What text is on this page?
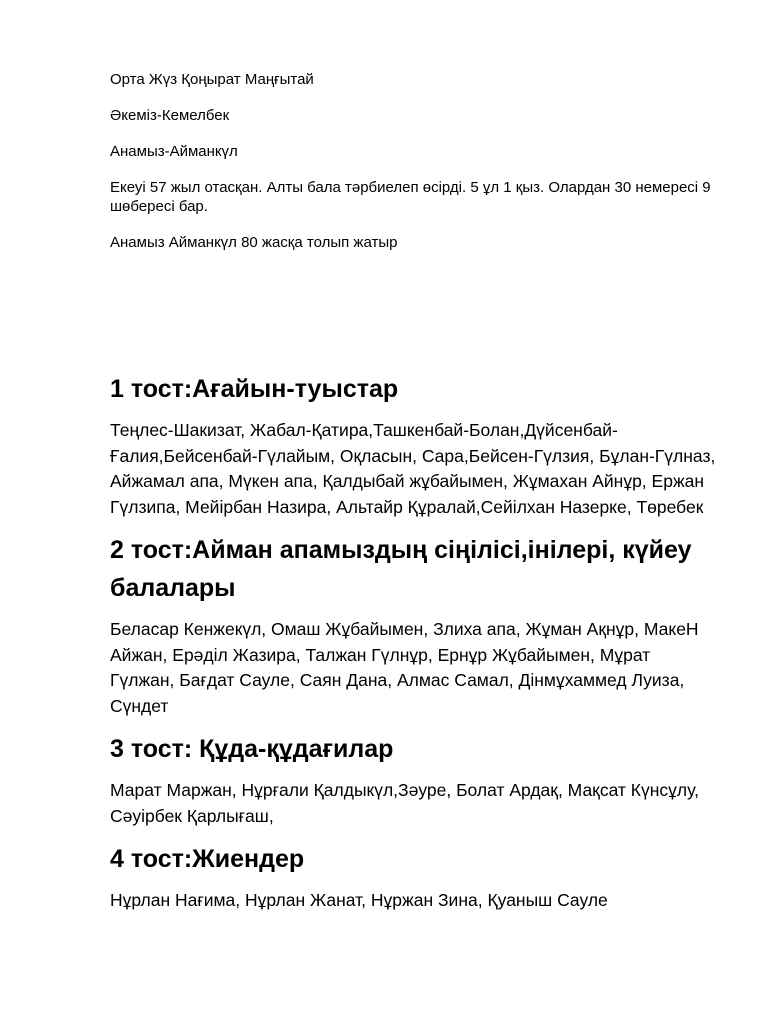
Орта Жүз Қоңырат Маңғытай

Әкеміз-Кемелбек

Анамыз-Айманкүл

Екеуі 57 жыл отасқан. Алты бала тәрбиелеп өсірді. 5 ұл 1 қыз. Олардан 30 немересі 9 шөбересі бар.

Анамыз Айманкүл 80 жасқа толып жатыр

1 тост:Ағайын-туыстар

Теңлес-Шакизат, Жабал-Қатира,Ташкенбай-Болан,Дүйсенбай-Ғалия,Бейсенбай-Гүлайым, Оқласын, Сара,Бейсен-Гүлзия, Бұлан-Гүлназ, Айжамал апа, Мүкен апа, Қалдыбай жұбайымен, Жұмахан Айнұр, Ержан Гүлзипа, Мейірбан Назира, Альтайр Құралай,Сейілхан Назерке, Төребек

2 тост:Айман апамыздың сіңілісі,інілері, күйеу балалары

Беласар Кенжекүл, Омаш Жұбайымен, Злиха апа, Жұман Ақнұр, МакеН Айжан, Ерәділ Жазира, Талжан Гүлнұр, Ернұр Жұбайымен, Мұрат Гүлжан, Бағдат Сауле, Саян Дана, Алмас Самал, Дінмұхаммед Луиза, Сүндет

3 тост: Құда-құдағилар

Марат Маржан, Нұрғали Қалдыкүл,Зәуре, Болат Ардақ, Мақсат Күнсұлу, Сәуірбек Қарлығаш,

4 тост:Жиендер

Нұрлан Нағима, Нұрлан Жанат, Нұржан Зина, Қуаныш Сауле
